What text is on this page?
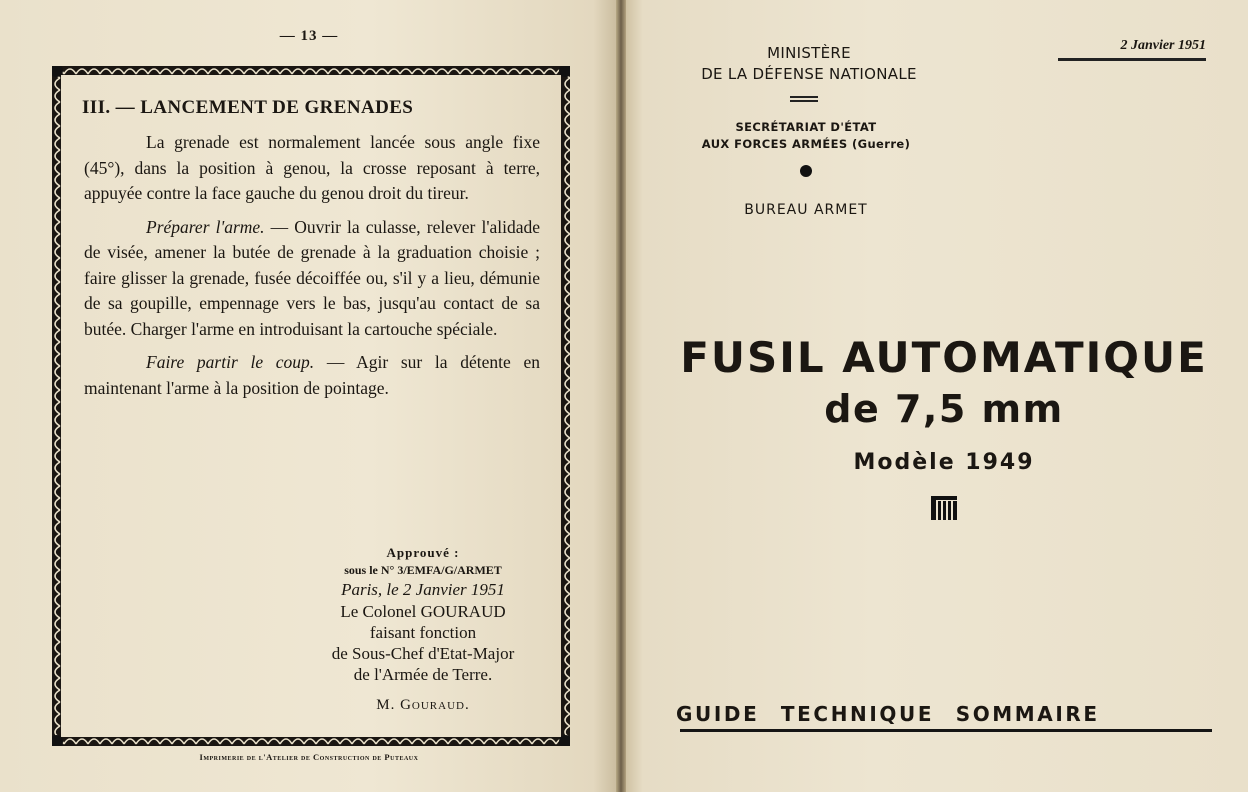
— 13 —
III. — LANCEMENT DE GRENADES

La grenade est normalement lancée sous angle fixe (45°), dans la position à genou, la crosse reposant à terre, appuyée contre la face gauche du genou droit du tireur.

Préparer l'arme. — Ouvrir la culasse, relever l'alidade de visée, amener la butée de grenade à la graduation choisie ; faire glisser la grenade, fusée décoiffée ou, s'il y a lieu, démunie de sa goupille, empennage vers le bas, jusqu'au contact de sa butée. Charger l'arme en introduisant la cartouche spéciale.

Faire partir le coup. — Agir sur la détente en maintenant l'arme à la position de pointage.

Approuvé :
sous le N° 3/EMFA/G/ARMET
Paris, le 2 Janvier 1951
Le Colonel GOURAUD
faisant fonction
de Sous-Chef d'Etat-Major
de l'Armée de Terre.
M. Gouraud.
Imprimerie de l'Atelier de Construction de Puteaux
MINISTÈRE
DE LA DÉFENSE NATIONALE
SECRÉTARIAT D'ÉTAT
AUX FORCES ARMÉES (Guerre)
BUREAU ARMET
2 Janvier 1951
FUSIL AUTOMATIQUE
de 7,5 mm
Modèle 1949
GUIDE TECHNIQUE SOMMAIRE
